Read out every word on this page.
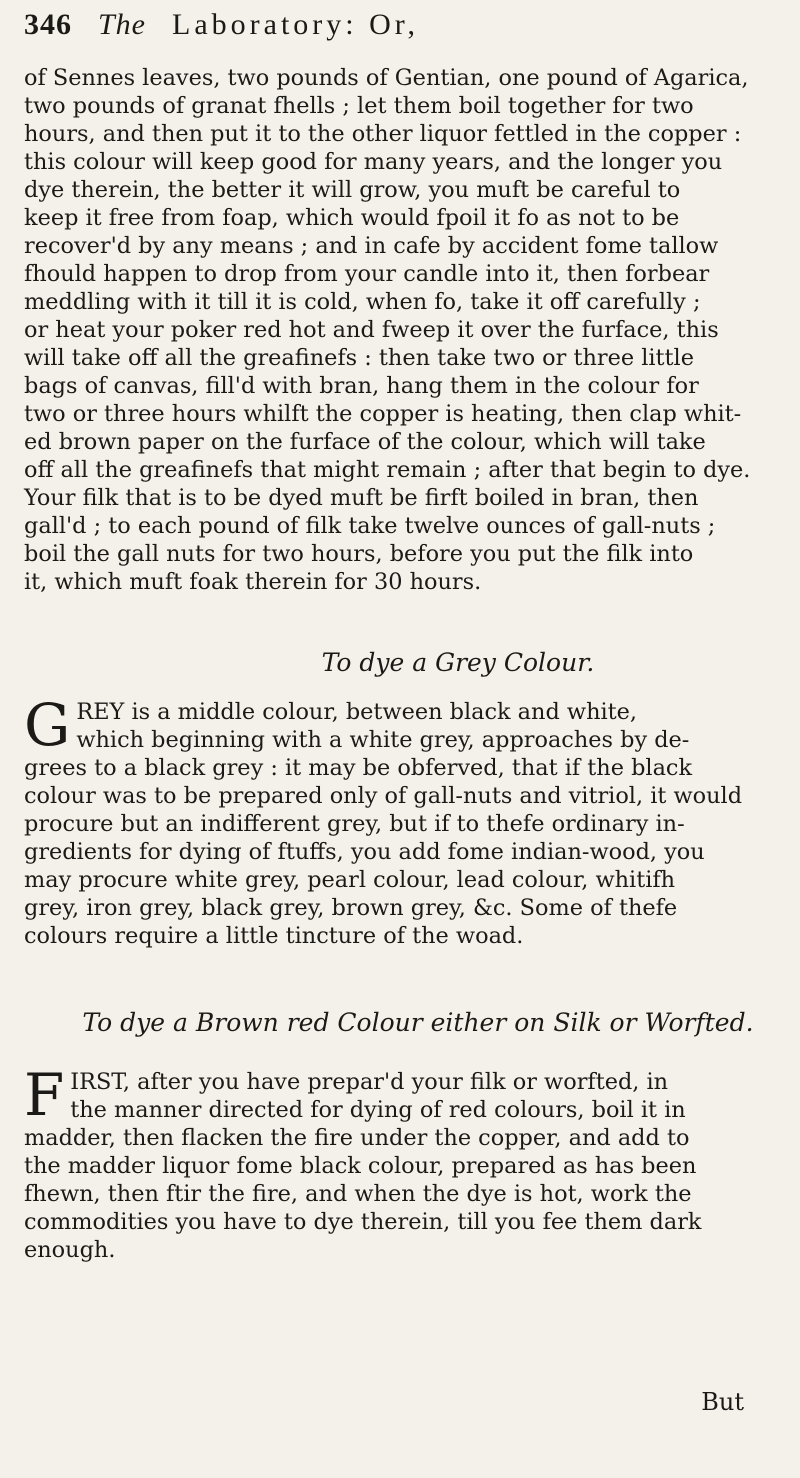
346 The Laboratory: Or,

of Sennes leaves, two pounds of Gentian, one pound of Agarica,
two pounds of granat fhells ; let them boil together for two
hours, and then put it to the other liquor fettled in the copper :
this colour will keep good for many years, and the longer you
dye therein, the better it will grow, you muft be careful to
keep it free from foap, which would fpoil it fo as not to be
recover'd by any means ; and in cafe by accident fome tallow
fhould happen to drop from your candle into it, then forbear
meddling with it till it is cold, when fo, take it off carefully ;
or heat your poker red hot and fweep it over the furface, this
will take off all the greafinefs : then take two or three little
bags of canvas, fill'd with bran, hang them in the colour for
two or three hours whilft the copper is heating, then clap whit-
ed brown paper on the furface of the colour, which will take
off all the greafinefs that might remain ; after that begin to dye.
Your filk that is to be dyed muft be firft boiled in bran, then
gall'd ; to each pound of filk take twelve ounces of gall-nuts ;
boil the gall nuts for two hours, before you put the filk into
it, which muft foak therein for 30 hours.

To dye a Grey Colour.

G REY is a middle colour, between black and white,
which beginning with a white grey, approaches by de-
grees to a black grey : it may be obferved, that if the black
colour was to be prepared only of gall-nuts and vitriol, it would
procure but an indifferent grey, but if to thefe ordinary in-
gredients for dying of ftuffs, you add fome indian-wood, you
may procure white grey, pearl colour, lead colour, whitifh
grey, iron grey, black grey, brown grey, &c. Some of thefe
colours require a little tincture of the woad.

To dye a Brown red Colour either on Silk or Worfted.

F IRST, after you have prepar'd your filk or worfted, in
the manner directed for dying of red colours, boil it in
madder, then flacken the fire under the copper, and add to
the madder liquor fome black colour, prepared as has been
fhewn, then ftir the fire, and when the dye is hot, work the
commodities you have to dye therein, till you fee them dark
enough.

But
